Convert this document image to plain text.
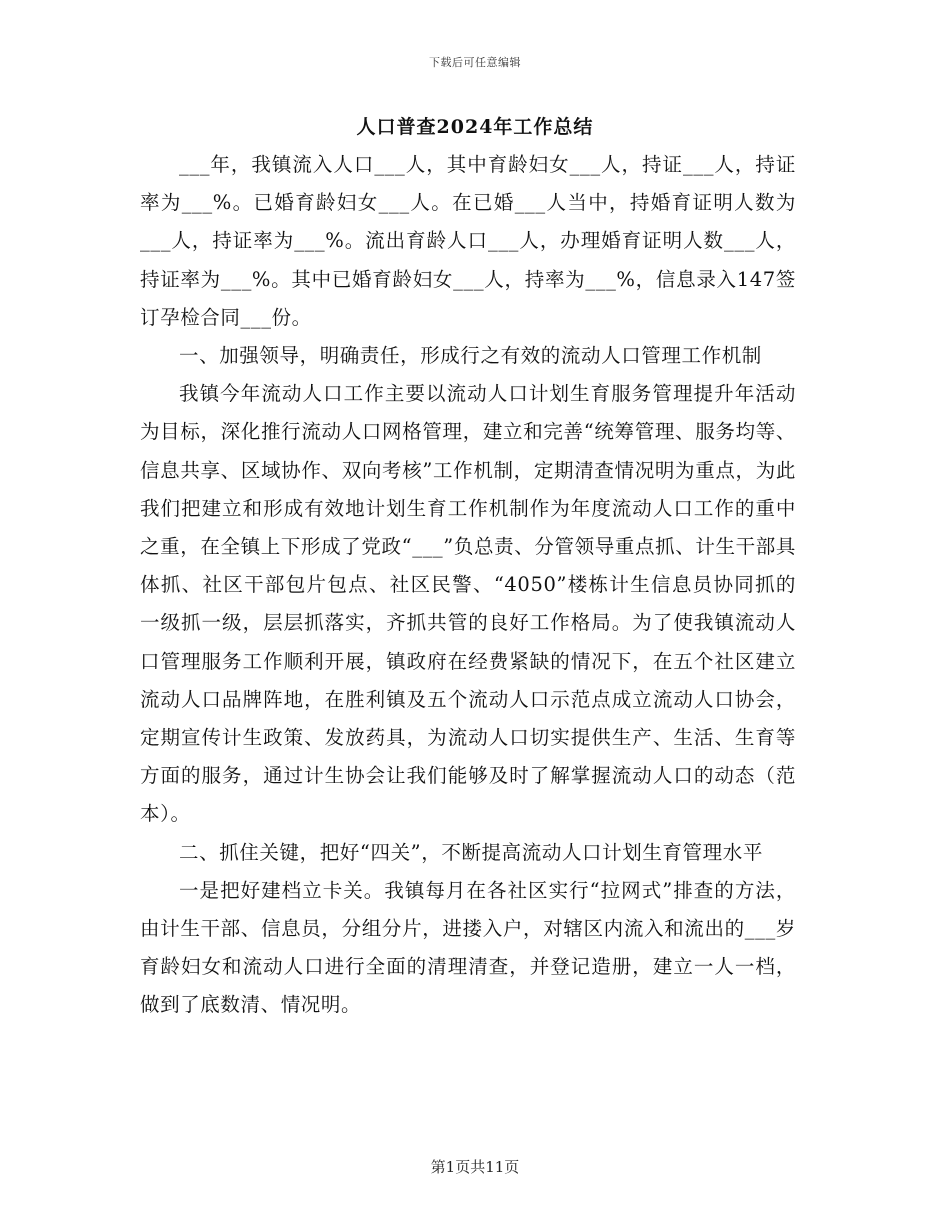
下载后可任意编辑
人口普查2024年工作总结

___年，我镇流入人口___人，其中育龄妇女___人，持证___人，持证率为___%。已婚育龄妇女___人。在已婚___人当中，持婚育证明人数为___人，持证率为___%。流出育龄人口___人，办理婚育证明人数___人，持证率为___%。其中已婚育龄妇女___人，持率为___%，信息录入147签订孕检合同___份。

一、加强领导，明确责任，形成行之有效的流动人口管理工作机制

我镇今年流动人口工作主要以流动人口计划生育服务管理提升年活动为目标，深化推行流动人口网格管理，建立和完善“统筹管理、服务均等、信息共享、区域协作、双向考核”工作机制，定期清查情况明为重点，为此我们把建立和形成有效地计划生育工作机制作为年度流动人口工作的重中之重，在全镇上下形成了党政“___”负总责、分管领导重点抓、计生干部具体抓、社区干部包片包点、社区民警、“4050”楼栋计生信息员协同抓的一级抓一级，层层抓落实，齐抓共管的良好工作格局。为了使我镇流动人口管理服务工作顺利开展，镇政府在经费紧缺的情况下，在五个社区建立流动人口品牌阵地，在胜利镇及五个流动人口示范点成立流动人口协会，定期宣传计生政策、发放药具，为流动人口切实提供生产、生活、生育等方面的服务，通过计生协会让我们能够及时了解掌握流动人口的动态（范本）。

二、抓住关键，把好“四关”，不断提高流动人口计划生育管理水平

一是把好建档立卡关。我镇每月在各社区实行“拉网式”排查的方法，由计生干部、信息员，分组分片，进搂入户，对辖区内流入和流出的___岁育龄妇女和流动人口进行全面的清理清查，并登记造册，建立一人一档，做到了底数清、情况明。

第1页共11页
